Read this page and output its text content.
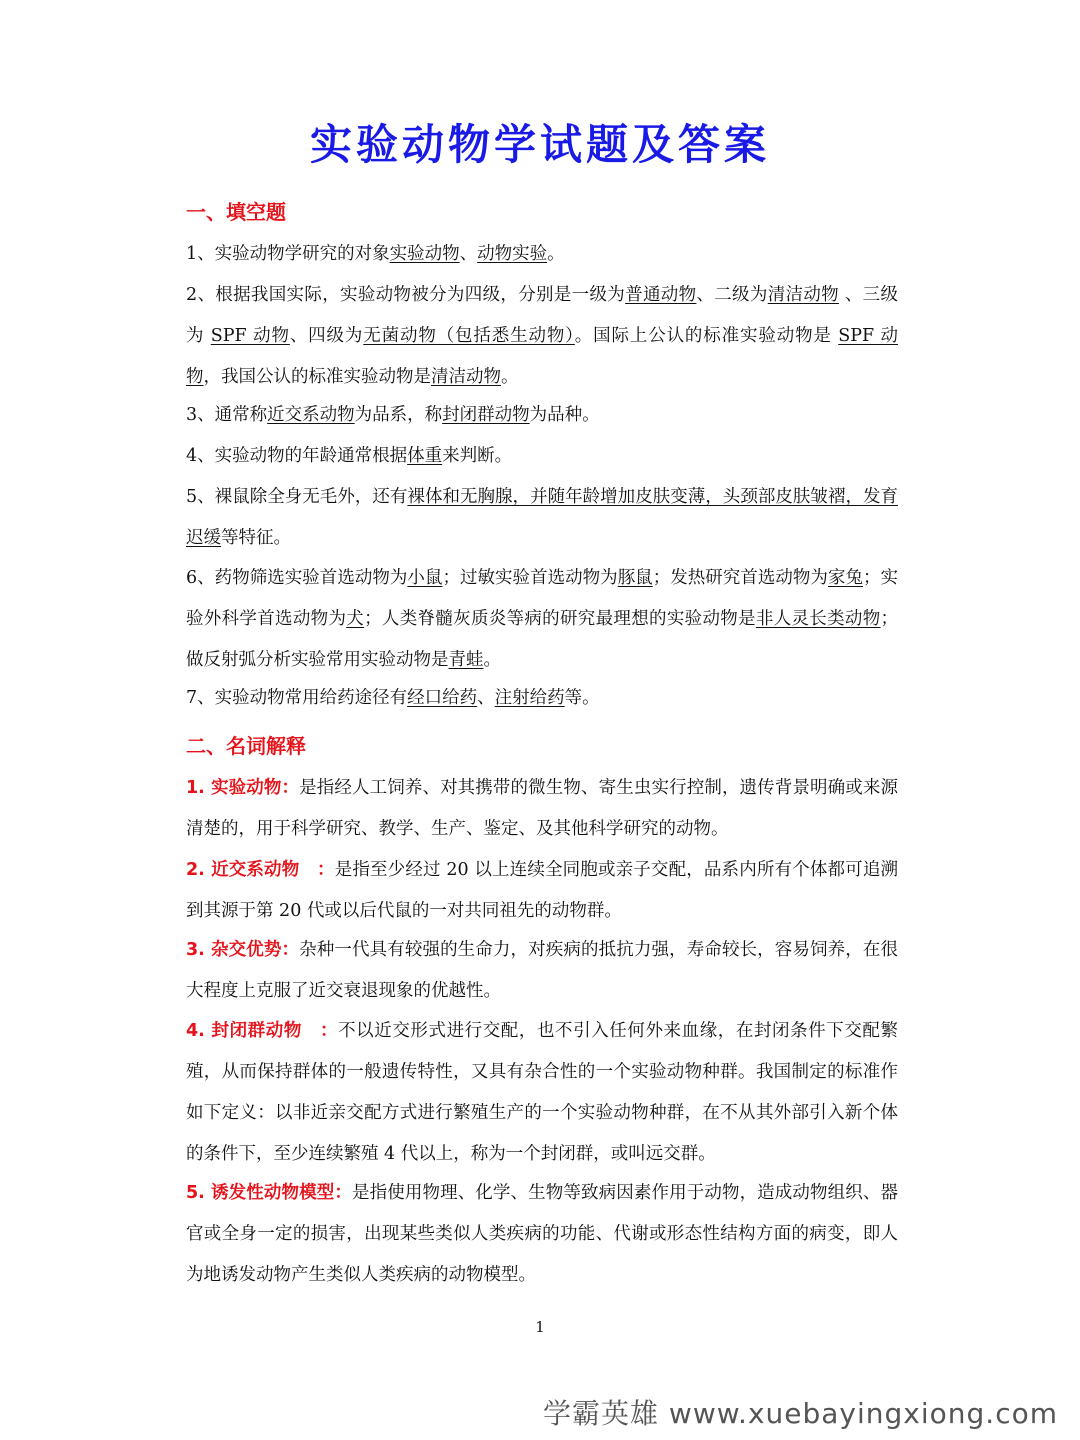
实验动物学试题及答案
一、填空题
1、实验动物学研究的对象实验动物、动物实验。
2、根据我国实际，实验动物被分为四级，分别是一级为普通动物、二级为清洁动物 、三级为 SPF 动物、四级为无菌动物（包括悉生动物）。国际上公认的标准实验动物是 SPF 动物，我国公认的标准实验动物是清洁动物。
3、通常称近交系动物为品系，称封闭群动物为品种。
4、实验动物的年龄通常根据体重来判断。
5、裸鼠除全身无毛外，还有裸体和无胸腺，并随年龄增加皮肤变薄，头颈部皮肤皱褶，发育迟缓等特征。
6、药物筛选实验首选动物为小鼠；过敏实验首选动物为豚鼠；发热研究首选动物为家兔；实验外科学首选动物为犬；人类脊髓灰质炎等病的研究最理想的实验动物是非人灵长类动物；做反射弧分析实验常用实验动物是青蛙。
7、实验动物常用给药途径有经口给药、注射给药等。
二、名词解释
1. 实验动物：是指经人工饲养、对其携带的微生物、寄生虫实行控制，遗传背景明确或来源清楚的，用于科学研究、教学、生产、鉴定、及其他科学研究的动物。
2. 近交系动物　：是指至少经过 20 以上连续全同胞或亲子交配，品系内所有个体都可追溯到其源于第 20 代或以后代鼠的一对共同祖先的动物群。
3. 杂交优势：杂种一代具有较强的生命力，对疾病的抵抗力强，寿命较长，容易饲养，在很大程度上克服了近交衰退现象的优越性。
4. 封闭群动物　：不以近交形式进行交配，也不引入任何外来血缘，在封闭条件下交配繁殖，从而保持群体的一般遗传特性，又具有杂合性的一个实验动物种群。我国制定的标准作如下定义：以非近亲交配方式进行繁殖生产的一个实验动物种群，在不从其外部引入新个体的条件下，至少连续繁殖 4 代以上，称为一个封闭群，或叫远交群。
5. 诱发性动物模型：是指使用物理、化学、生物等致病因素作用于动物，造成动物组织、器官或全身一定的损害，出现某些类似人类疾病的功能、代谢或形态性结构方面的病变，即人为地诱发动物产生类似人类疾病的动物模型。
1
学霸英雄 www.xuebayingxiong.com
